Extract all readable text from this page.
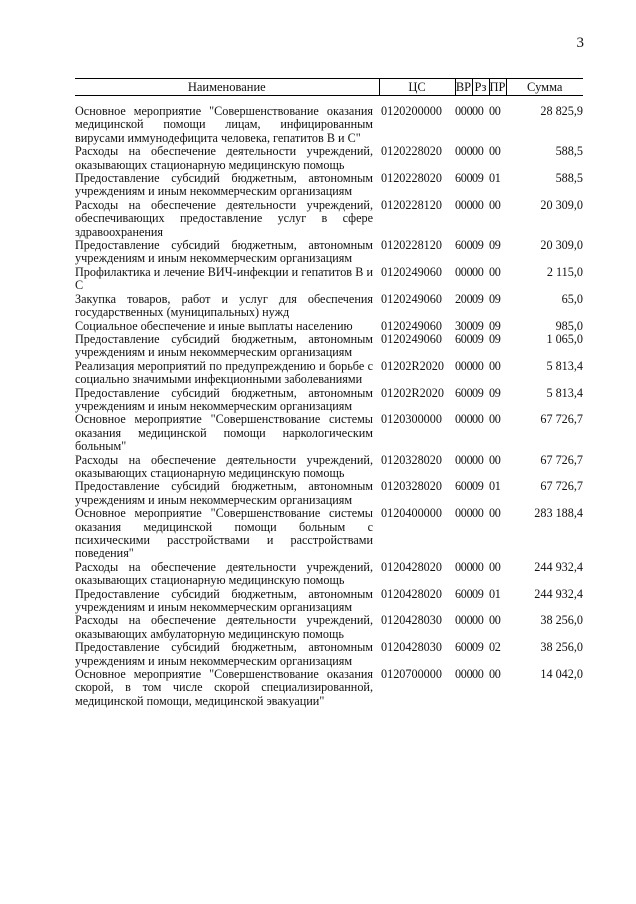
3
Наименование	ЦС	ВР	Рз	ПР	Сумма
Основное мероприятие "Совершенствование оказания медицинской помощи лицам, инфицированным вирусами иммунодефицита человека, гепатитов В и С"	0120200000	000	00	00	28 825,9
Расходы на обеспечение деятельности учреждений, оказывающих стационарную медицинскую помощь	0120228020	000	00	00	588,5
Предоставление субсидий бюджетным, автономным учреждениям и иным некоммерческим организациям	0120228020	600	09	01	588,5
Расходы на обеспечение деятельности учреждений, обеспечивающих предоставление услуг в сфере здравоохранения	0120228120	000	00	00	20 309,0
Предоставление субсидий бюджетным, автономным учреждениям и иным некоммерческим организациям	0120228120	600	09	09	20 309,0
Профилактика и лечение ВИЧ-инфекции и гепатитов В и С	0120249060	000	00	00	2 115,0
Закупка товаров, работ и услуг для обеспечения государственных (муниципальных) нужд	0120249060	200	09	09	65,0
Социальное обеспечение и иные выплаты населению	0120249060	300	09	09	985,0
Предоставление субсидий бюджетным, автономным учреждениям и иным некоммерческим организациям	0120249060	600	09	09	1 065,0
Реализация мероприятий по предупреждению и борьбе с социально значимыми инфекционными заболеваниями	01202R2020	000	00	00	5 813,4
Предоставление субсидий бюджетным, автономным учреждениям и иным некоммерческим организациям	01202R2020	600	09	09	5 813,4
Основное мероприятие "Совершенствование системы оказания медицинской помощи наркологическим больным"	0120300000	000	00	00	67 726,7
Расходы на обеспечение деятельности учреждений, оказывающих стационарную медицинскую помощь	0120328020	000	00	00	67 726,7
Предоставление субсидий бюджетным, автономным учреждениям и иным некоммерческим организациям	0120328020	600	09	01	67 726,7
Основное мероприятие "Совершенствование системы оказания медицинской помощи больным с психическими расстройствами и расстройствами поведения"	0120400000	000	00	00	283 188,4
Расходы на обеспечение деятельности учреждений, оказывающих стационарную медицинскую помощь	0120428020	000	00	00	244 932,4
Предоставление субсидий бюджетным, автономным учреждениям и иным некоммерческим организациям	0120428020	600	09	01	244 932,4
Расходы на обеспечение деятельности учреждений, оказывающих амбулаторную медицинскую помощь	0120428030	000	00	00	38 256,0
Предоставление субсидий бюджетным, автономным учреждениям и иным некоммерческим организациям	0120428030	600	09	02	38 256,0
Основное мероприятие "Совершенствование оказания скорой, в том числе скорой специализированной, медицинской помощи, медицинской эвакуации"	0120700000	000	00	00	14 042,0
